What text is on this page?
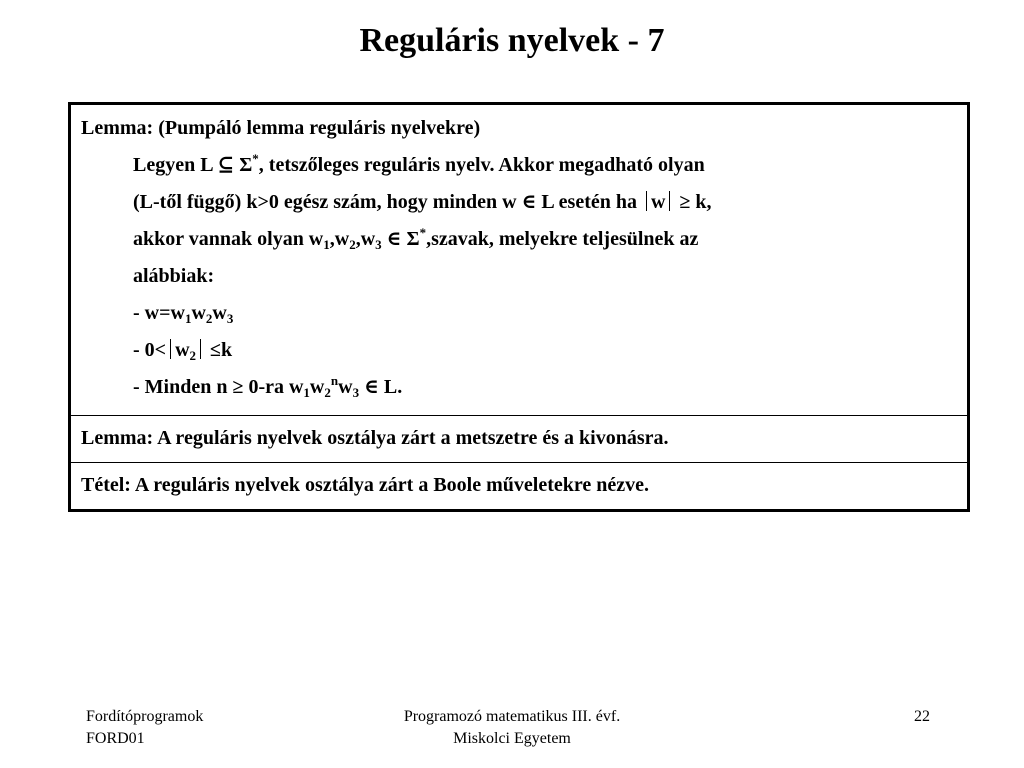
Reguláris nyelvek - 7
Lemma: (Pumpáló lemma reguláris nyelvekre)
Legyen L ⊆ Σ*, tetszőleges reguláris nyelv. Akkor megadható olyan
(L-től függő) k>0 egész szám, hogy minden w ∈ L esetén ha w ≥ k,
akkor vannak olyan $w_1,w_2,w_3$ ∈ Σ*,szavak, melyekre teljesülnek az
alábbiak:
- $w=w_1w_2w_3$
- $0< w_2 \le k$
- Minden n ≥ 0-ra $w_1w_2^nw_3$ ∈ L.
Lemma: A reguláris nyelvek osztálya zárt a metszetre és a kivonásra.
Tétel: A reguláris nyelvek osztálya zárt a Boole műveletekre nézve.
Fordítóprogramok
FORD01
Programozó matematikus III. évf.
Miskolci Egyetem
22
